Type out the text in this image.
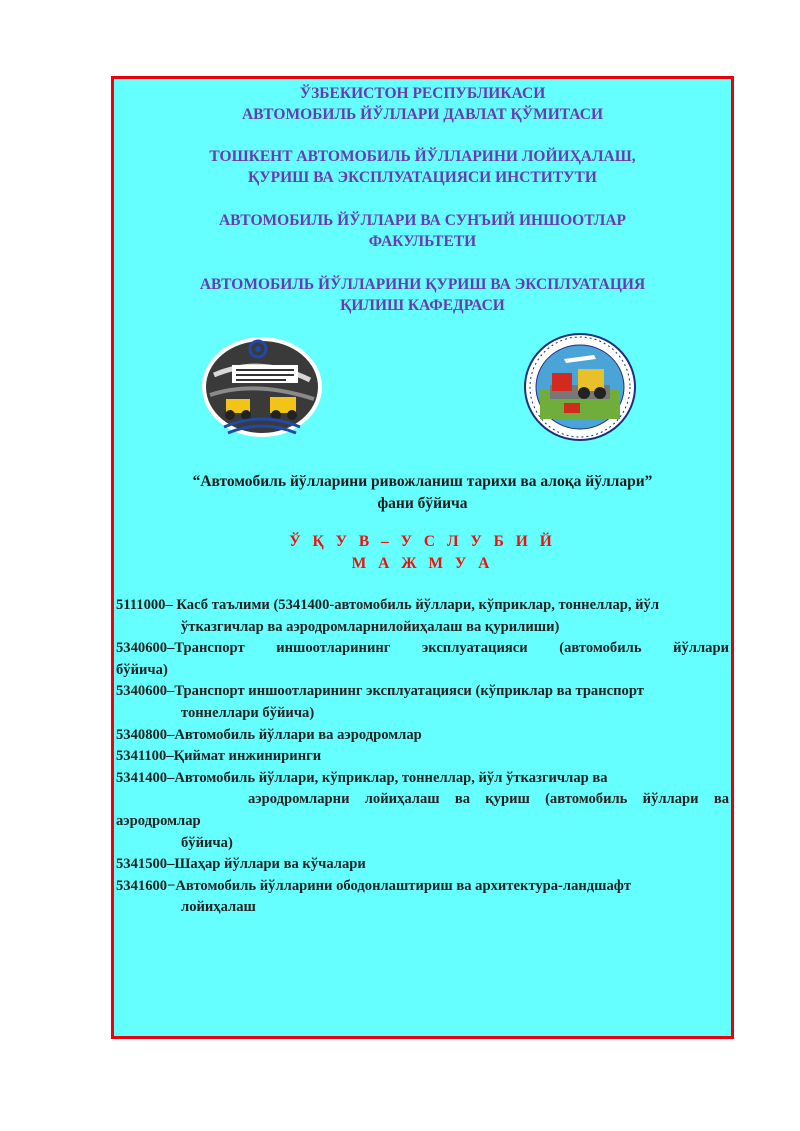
ЎЗБЕКИСТОН РЕСПУБЛИКАСИ
АВТОМОБИЛЬ ЙЎЛЛАРИ ДАВЛАТ ҚЎМИТАСИ
ТОШКЕНТ АВТОМОБИЛЬ ЙЎЛЛАРИНИ ЛОЙИҲАЛАШ,
ҚУРИШ ВА ЭКСПЛУАТАЦИЯСИ ИНСТИТУТИ
АВТОМОБИЛЬ ЙЎЛЛАРИ ВА СУНЪИЙ ИНШООТЛАР
ФАКУЛЬТЕТИ
АВТОМОБИЛЬ ЙЎЛЛАРИНИ ҚУРИШ ВА ЭКСПЛУАТАЦИЯ
ҚИЛИШ КАФЕДРАСИ
“Автомобиль йўлларини ривожланиш тарихи ва алоқа йўллари”
фани бўйича
Ў Қ У В – У С Л У Б И Й
М А Ж М У А
5111000– Касб таълими (5341400-автомобиль йўллари, кўприклар, тоннеллар, йўл
ўтказгичлар ва аэродромларнилойиҳалаш ва қурилиши)
5340600–Транспорт иншоотларининг эксплуатацияси (автомобиль йўллари
бўйича)
5340600–Транспорт иншоотларининг эксплуатацияси (кўприклар ва транспорт
тоннеллари бўйича)
5340800–Автомобиль йўллари ва аэродромлар
5341100–Қиймат инжиниринги
5341400–Автомобиль йўллари, кўприклар, тоннеллар, йўл ўтказгичлар ва
аэродромларни лойиҳалаш ва қуриш (автомобиль йўллари ва
аэродромлар
бўйича)
5341500–Шаҳар йўллари ва кўчалари
5341600−Автомобиль йўлларини ободонлаштириш ва архитектура-ландшафт
лойиҳалаш
